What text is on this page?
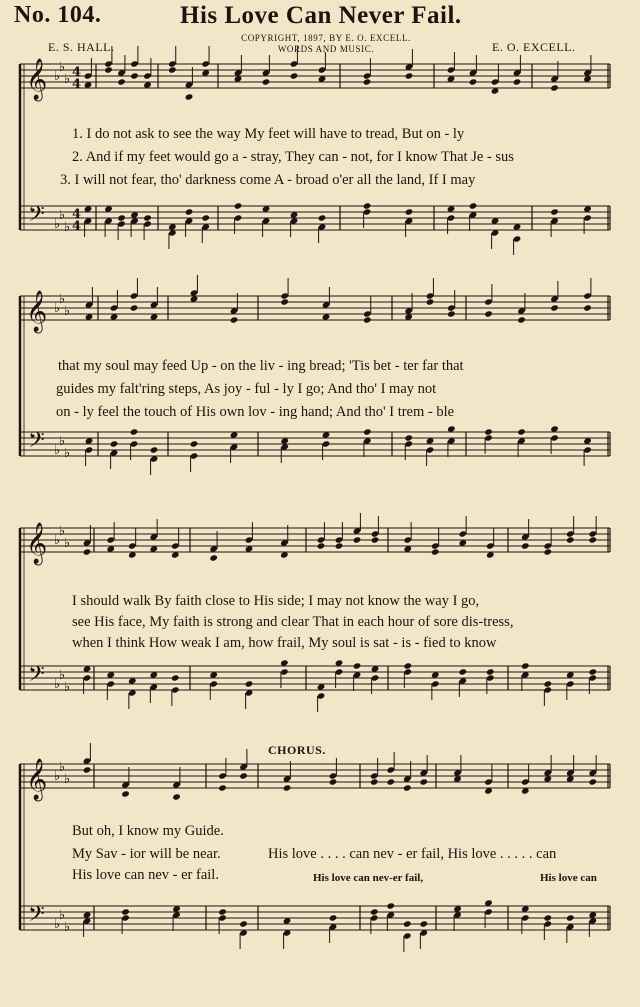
No. 104.	His Love Can Never Fail.
COPYRIGHT, 1897, BY E. O. EXCELL.
WORDS AND MUSIC.
E. S. HALL.	E. O. EXCELL.
𝄞
𝄢
♭
♭
♭
♭
♭
♭
4
4
4
4
𝄞
𝄢
♭
♭
♭
♭
♭
♭
𝄞
𝄢
♭
♭
♭
♭
♭
♭
𝄞
𝄢
♭
♭
♭
♭
♭
♭
1. I do not ask to see the way My feet will have to tread, But on - ly
2. And if my feet would go a - stray, They can - not, for I know That Je - sus
3. I will not fear, tho' darkness come A - broad o'er all the land, If I may
that my soul may feed Up - on the liv - ing bread; 'Tis bet - ter far that
guides my falt'ring steps, As joy - ful - ly I go; And tho' I may not
on - ly feel the touch of His own lov - ing hand; And tho' I trem - ble
I should walk By faith close to His side; I may not know the way I go,
see His face, My faith is strong and clear That in each hour of sore dis-tress,
when I think How weak I am, how frail, My soul is sat - is - fied to know
CHORUS.
But oh, I know my Guide.
My Sav - ior will be near.	His love . . . . can nev - er fail, His love . . . . . can
His love can nev - er fail.	His love can nev-er fail,	His love can
